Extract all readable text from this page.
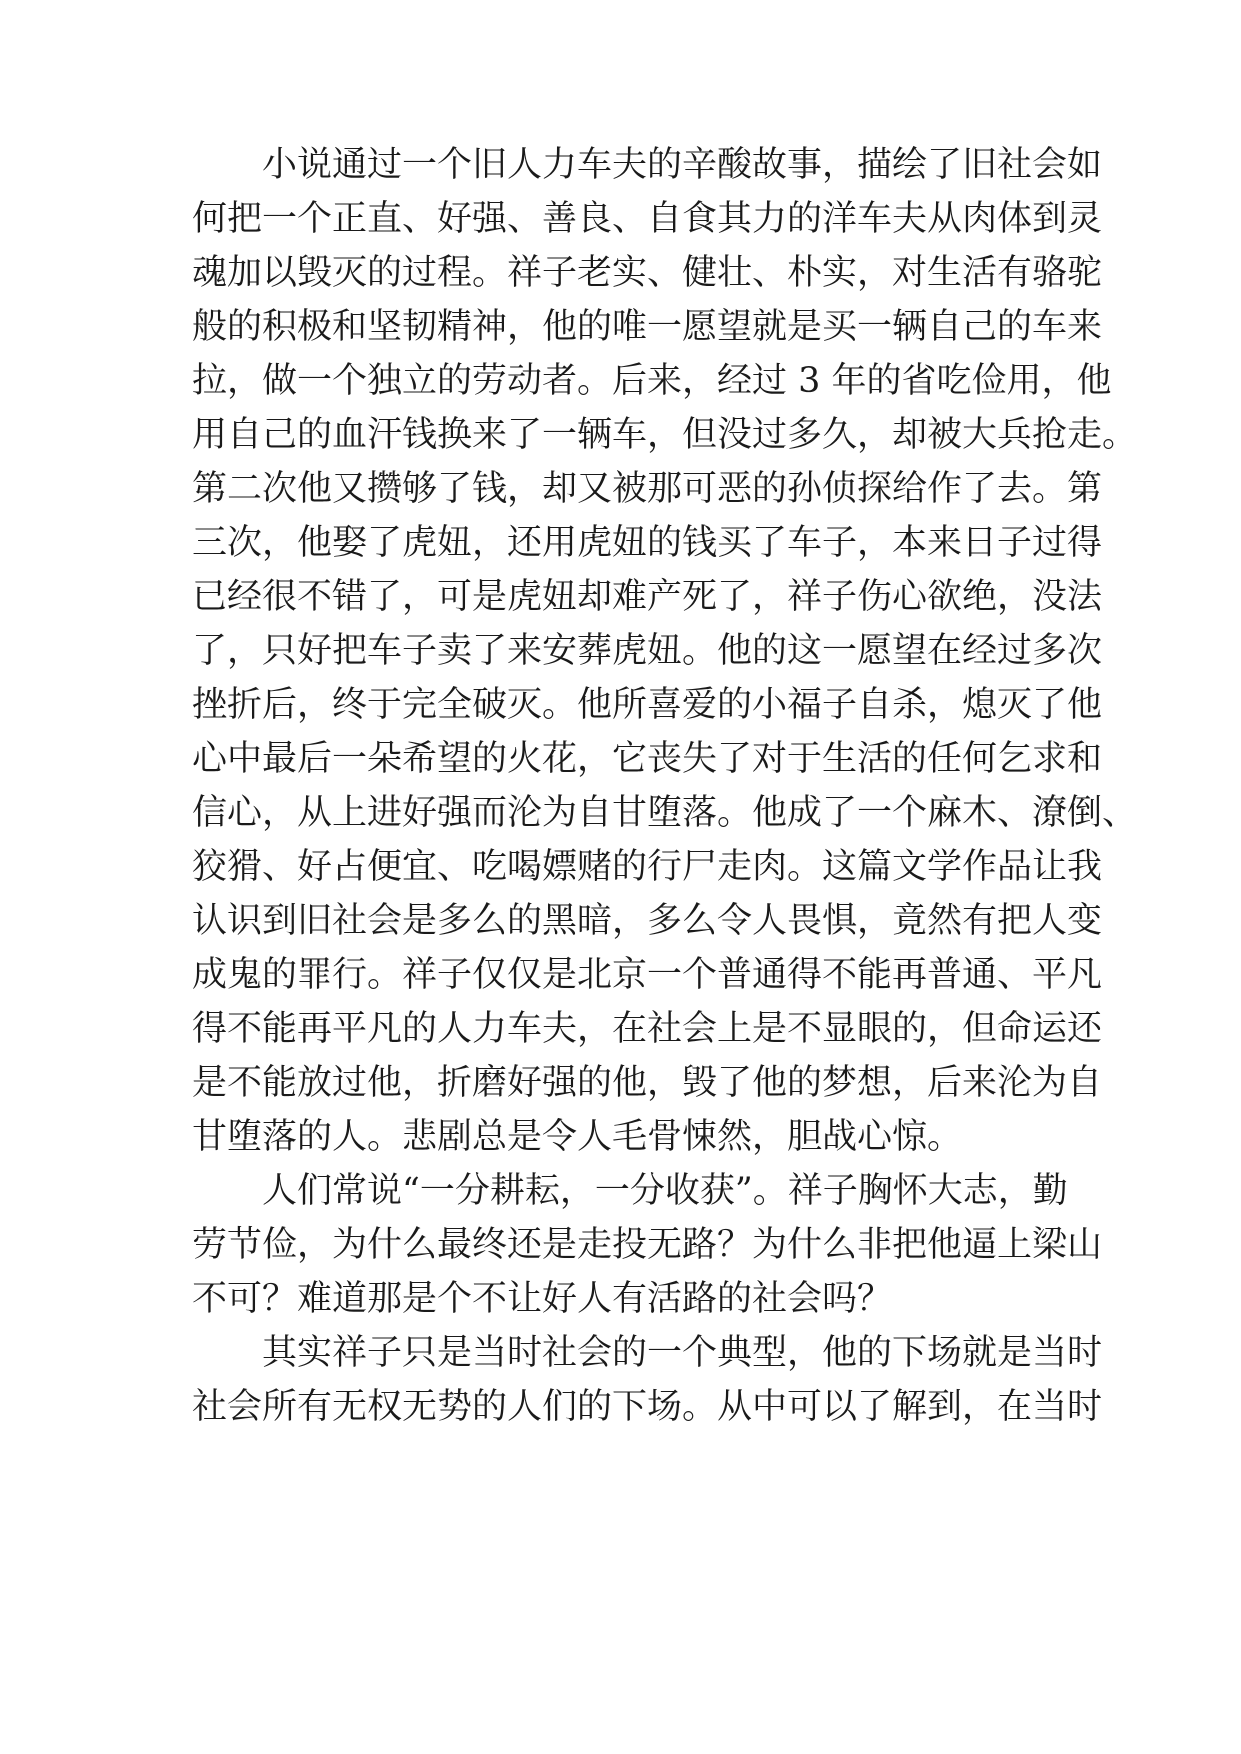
小说通过一个旧人力车夫的辛酸故事，描绘了旧社会如
何把一个正直、好强、善良、自食其力的洋车夫从肉体到灵
魂加以毁灭的过程。祥子老实、健壮、朴实，对生活有骆驼
般的积极和坚韧精神，他的唯一愿望就是买一辆自己的车来
拉，做一个独立的劳动者。后来，经过 3 年的省吃俭用，他
用自己的血汗钱换来了一辆车，但没过多久，却被大兵抢走。
第二次他又攒够了钱，却又被那可恶的孙侦探给作了去。第
三次，他娶了虎妞，还用虎妞的钱买了车子，本来日子过得
已经很不错了，可是虎妞却难产死了，祥子伤心欲绝，没法
了，只好把车子卖了来安葬虎妞。他的这一愿望在经过多次
挫折后，终于完全破灭。他所喜爱的小福子自杀，熄灭了他
心中最后一朵希望的火花，它丧失了对于生活的任何乞求和
信心，从上进好强而沦为自甘堕落。他成了一个麻木、潦倒、
狡猾、好占便宜、吃喝嫖赌的行尸走肉。这篇文学作品让我
认识到旧社会是多么的黑暗，多么令人畏惧，竟然有把人变
成鬼的罪行。祥子仅仅是北京一个普通得不能再普通、平凡
得不能再平凡的人力车夫，在社会上是不显眼的，但命运还
是不能放过他，折磨好强的他，毁了他的梦想，后来沦为自
甘堕落的人。悲剧总是令人毛骨悚然，胆战心惊。
人们常说“一分耕耘，一分收获”。祥子胸怀大志，勤
劳节俭，为什么最终还是走投无路？为什么非把他逼上梁山
不可？难道那是个不让好人有活路的社会吗？
其实祥子只是当时社会的一个典型，他的下场就是当时
社会所有无权无势的人们的下场。从中可以了解到，在当时
